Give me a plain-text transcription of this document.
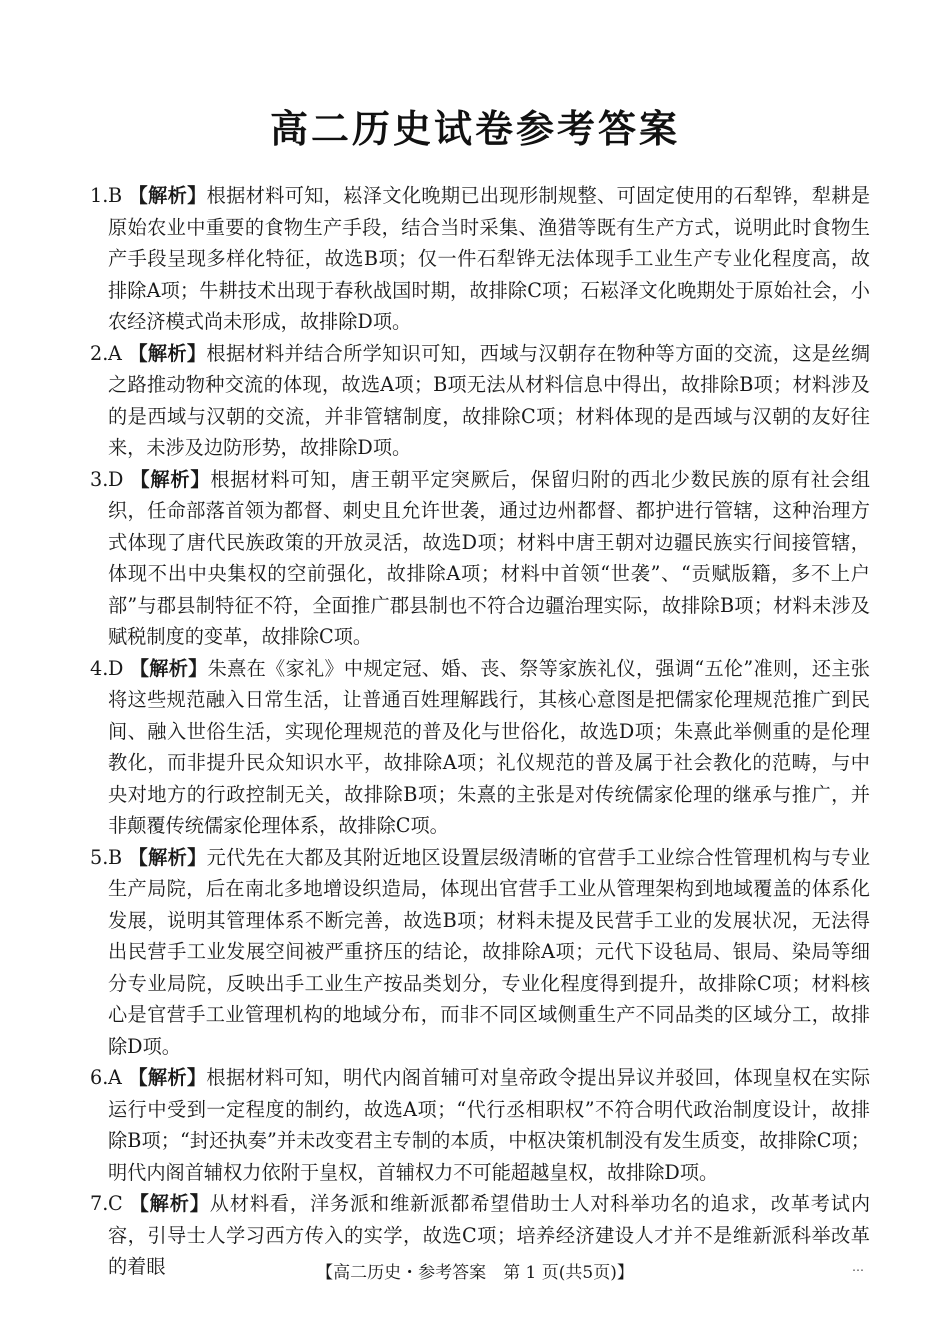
高二历史试卷参考答案
1. B 【解析】根据材料可知，崧泽文化晚期已出现形制规整、可固定使用的石犁铧，犁耕是原始农业中重要的食物生产手段，结合当时采集、渔猎等既有生产方式，说明此时食物生产手段呈现多样化特征，故选B项；仅一件石犁铧无法体现手工业生产专业化程度高，故排除A项；牛耕技术出现于春秋战国时期，故排除C项；石崧泽文化晚期处于原始社会，小农经济模式尚未形成，故排除D项。
2. A 【解析】根据材料并结合所学知识可知，西域与汉朝存在物种等方面的交流，这是丝绸之路推动物种交流的体现，故选A项；B项无法从材料信息中得出，故排除B项；材料涉及的是西域与汉朝的交流，并非管辖制度，故排除C项；材料体现的是西域与汉朝的友好往来，未涉及边防形势，故排除D项。
3. D 【解析】根据材料可知，唐王朝平定突厥后，保留归附的西北少数民族的原有社会组织，任命部落首领为都督、刺史且允许世袭，通过边州都督、都护进行管辖，这种治理方式体现了唐代民族政策的开放灵活，故选D项；材料中唐王朝对边疆民族实行间接管辖，体现不出中央集权的空前强化，故排除A项；材料中首领“世袭”、“贡赋版籍，多不上户部”与郡县制特征不符，全面推广郡县制也不符合边疆治理实际，故排除B项；材料未涉及赋税制度的变革，故排除C项。
4. D 【解析】朱熹在《家礼》中规定冠、婚、丧、祭等家族礼仪，强调“五伦”准则，还主张将这些规范融入日常生活，让普通百姓理解践行，其核心意图是把儒家伦理规范推广到民间、融入世俗生活，实现伦理规范的普及化与世俗化，故选D项；朱熹此举侧重的是伦理教化，而非提升民众知识水平，故排除A项；礼仪规范的普及属于社会教化的范畴，与中央对地方的行政控制无关，故排除B项；朱熹的主张是对传统儒家伦理的继承与推广，并非颠覆传统儒家伦理体系，故排除C项。
5. B 【解析】元代先在大都及其附近地区设置层级清晰的官营手工业综合性管理机构与专业生产局院，后在南北多地增设织造局，体现出官营手工业从管理架构到地域覆盖的体系化发展，说明其管理体系不断完善，故选B项；材料未提及民营手工业的发展状况，无法得出民营手工业发展空间被严重挤压的结论，故排除A项；元代下设毡局、银局、染局等细分专业局院，反映出手工业生产按品类划分，专业化程度得到提升，故排除C项；材料核心是官营手工业管理机构的地域分布，而非不同区域侧重生产不同品类的区域分工，故排除D项。
6. A 【解析】根据材料可知，明代内阁首辅可对皇帝政令提出异议并驳回，体现皇权在实际运行中受到一定程度的制约，故选A项；“代行丞相职权”不符合明代政治制度设计，故排除B项；“封还执奏”并未改变君主专制的本质，中枢决策机制没有发生质变，故排除C项；明代内阁首辅权力依附于皇权，首辅权力不可能超越皇权，故排除D项。
7. C 【解析】从材料看，洋务派和维新派都希望借助士人对科举功名的追求，改革考试内容，引导士人学习西方传入的实学，故选C项；培养经济建设人才并不是维新派科举改革的着眼	【高二历史・参考答案　第 1 页(共5页)】	…
